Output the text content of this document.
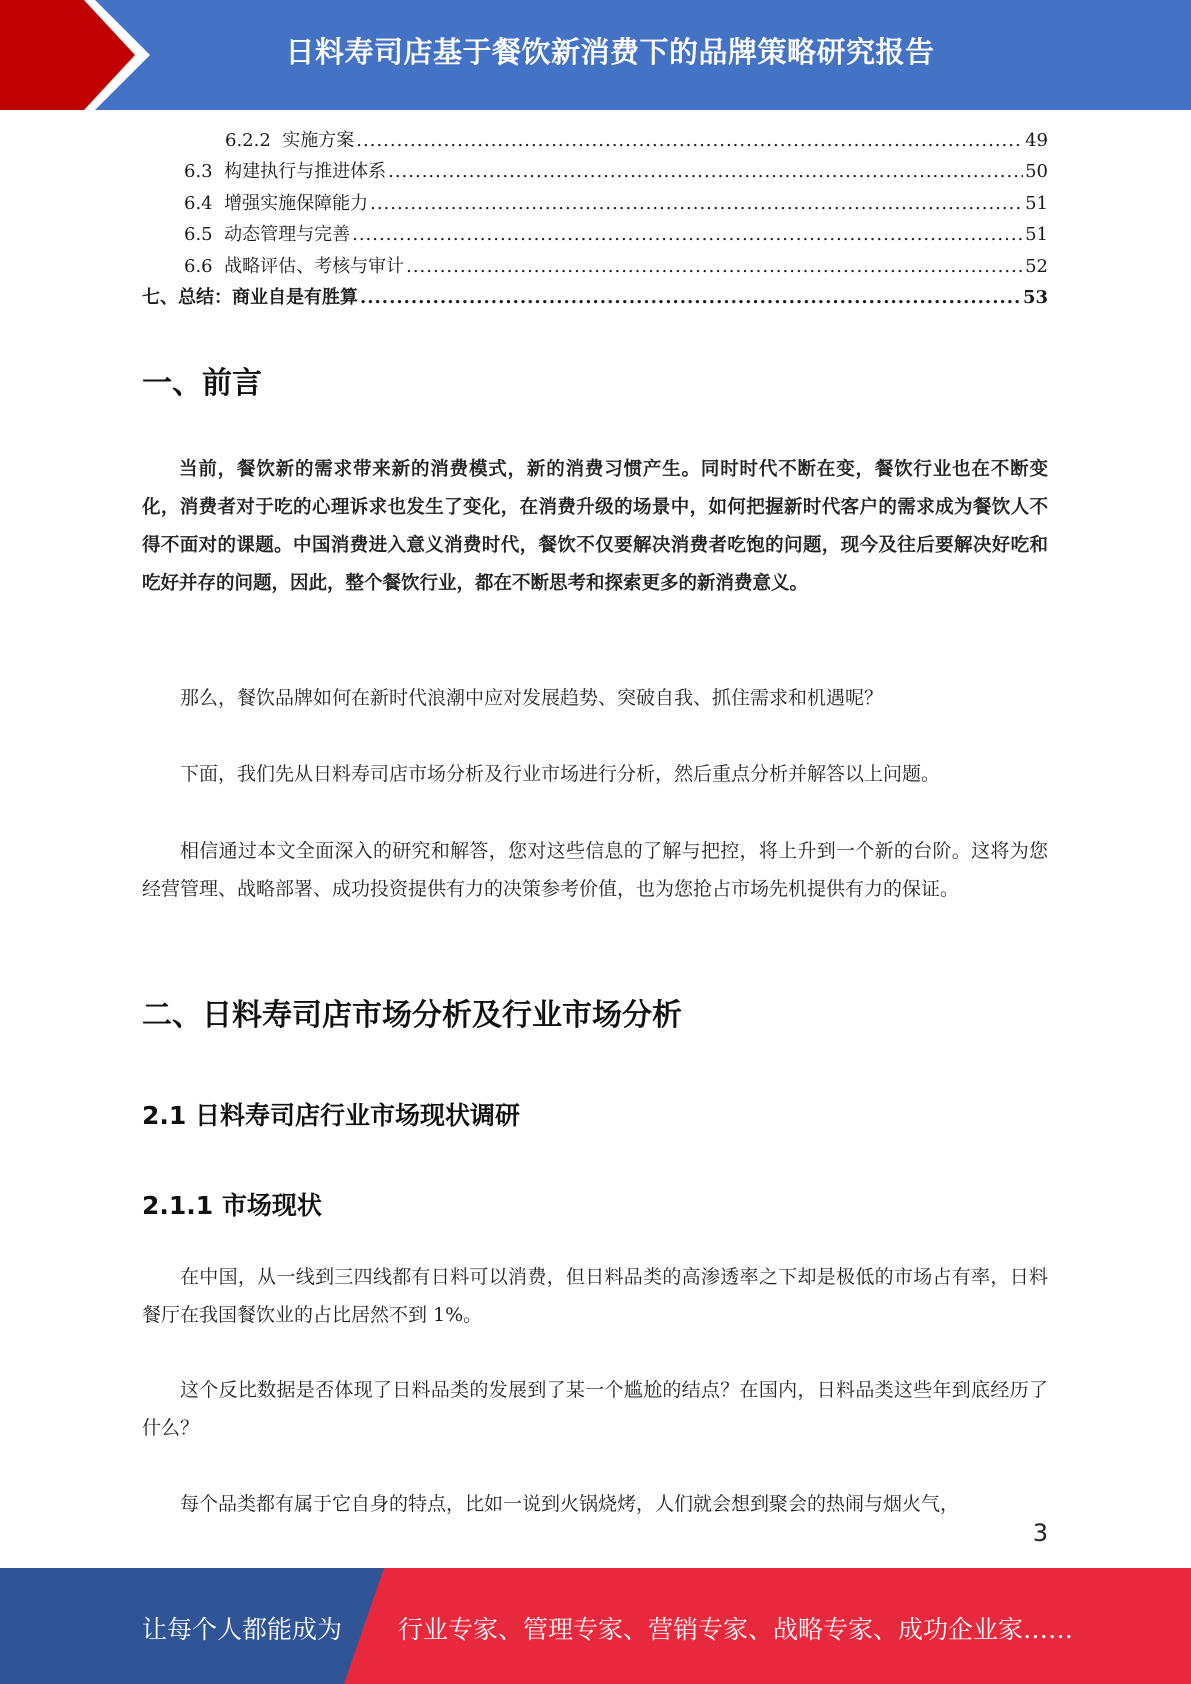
日料寿司店基于餐饮新消费下的品牌策略研究报告
6.2.2 实施方案 .....	49
6.3 构建执行与推进体系 .....	50
6.4 增强实施保障能力 .....	51
6.5 动态管理与完善 .....	51
6.6 战略评估、考核与审计 .....	52
七、总结：商业自是有胜算 .....	53
一、前言

当前，餐饮新的需求带来新的消费模式，新的消费习惯产生。同时时代不断在变，餐饮行业也在不断变化，消费者对于吃的心理诉求也发生了变化，在消费升级的场景中，如何把握新时代客户的需求成为餐饮人不得不面对的课题。中国消费进入意义消费时代，餐饮不仅要解决消费者吃饱的问题，现今及往后要解决好吃和吃好并存的问题，因此，整个餐饮行业，都在不断思考和探索更多的新消费意义。

那么，餐饮品牌如何在新时代浪潮中应对发展趋势、突破自我、抓住需求和机遇呢？

下面，我们先从日料寿司店市场分析及行业市场进行分析，然后重点分析并解答以上问题。

相信通过本文全面深入的研究和解答，您对这些信息的了解与把控，将上升到一个新的台阶。这将为您经营管理、战略部署、成功投资提供有力的决策参考价值，也为您抢占市场先机提供有力的保证。

二、日料寿司店市场分析及行业市场分析
2.1 日料寿司店行业市场现状调研
2.1.1 市场现状

在中国，从一线到三四线都有日料可以消费，但日料品类的高渗透率之下却是极低的市场占有率，日料餐厅在我国餐饮业的占比居然不到 1%。

这个反比数据是否体现了日料品类的发展到了某一个尴尬的结点？在国内，日料品类这些年到底经历了什么？

每个品类都有属于它自身的特点，比如一说到火锅烧烤，人们就会想到聚会的热闹与烟火气，

3
让每个人都能成为 行业专家、管理专家、营销专家、战略专家、成功企业家……
